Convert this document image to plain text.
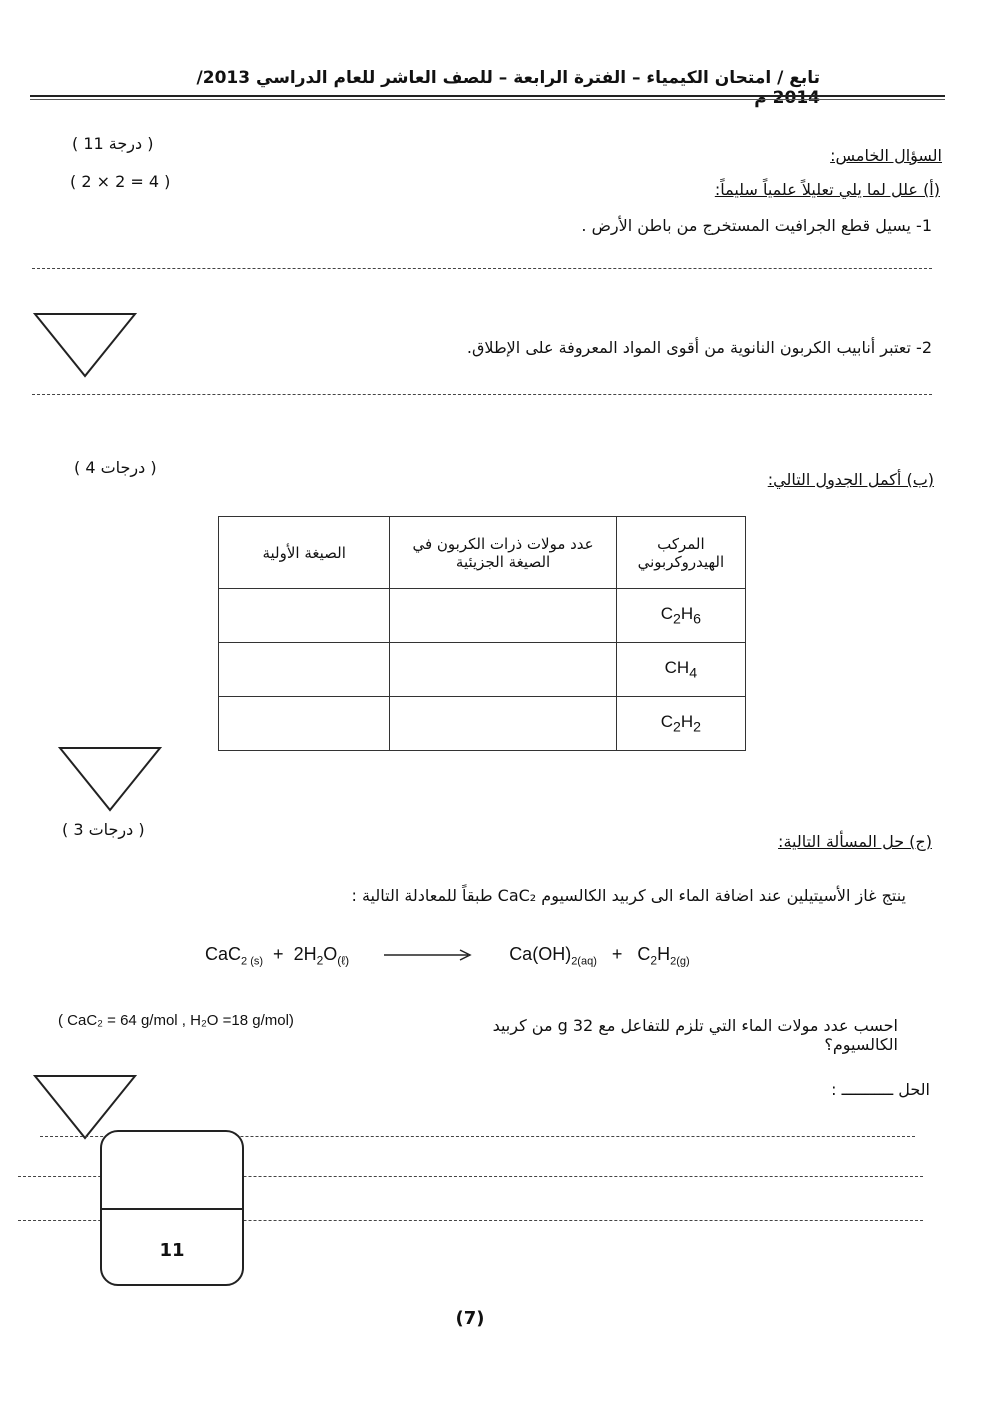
تابع / امتحان الكيمياء – الفترة الرابعة – للصف العاشر للعام الدراسي 2013/ 2014 م
السؤال الخامس:
( 11 درجة )
(أ) علل لما يلي تعليلاً علمياً سليماً:
( 2 × 2 = 4 )
1- يسيل قطع الجرافيت المستخرج من باطن الأرض .
2- تعتبر أنابيب الكربون النانوية من أقوى المواد المعروفة على الإطلاق.
(ب) أكمل الجدول التالي:
( 4 درجات )
المركب الهيدروكربوني	عدد مولات ذرات الكربون في الصيغة الجزيئية	الصيغة الأولية
$C_2H_6$		
$CH_4$		
$C_2H_2$		
( 3 درجات )
(ج) حل المسألة التالية:
ينتج غاز الأسيتيلين عند اضافة الماء الى كربيد الكالسيوم CaC₂ طبقاً للمعادلة التالية :
$CaC_{2 (s)} + 2H_2O_{(\ell)}$	$Ca(OH)_{2(aq)} + C_2H_{2(g)}$
احسب عدد مولات الماء التي تلزم للتفاعل مع g 32 من كربيد الكالسيوم؟
( CaC₂ = 64 g/mol , H₂O =18 g/mol)
الحل ـــــــــــ :
11
(7)
